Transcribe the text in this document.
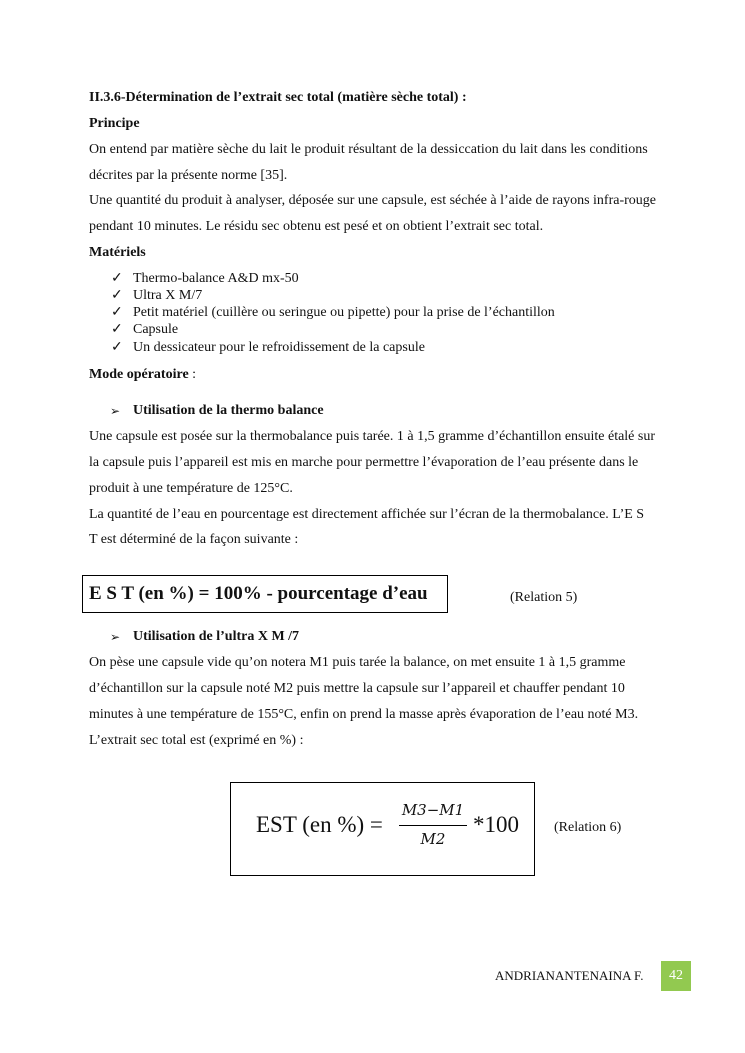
II.3.6-Détermination de l’extrait sec total (matière sèche total) :
Principe
On entend par matière sèche du lait le produit résultant de la dessiccation du lait dans les conditions
décrites par la présente norme [35].
Une quantité du produit à analyser, déposée sur une capsule, est séchée à l’aide de rayons infra-rouge
pendant 10 minutes. Le résidu sec obtenu est pesé et on obtient l’extrait sec total.
Matériels
✓ Thermo-balance A&D mx-50
✓ Ultra X M/7
✓ Petit matériel (cuillère ou seringue ou pipette) pour la prise de l’échantillon
✓ Capsule
✓ Un dessicateur pour le refroidissement de la capsule
Mode opératoire :
➢ Utilisation de la thermo balance
Une capsule est posée sur la thermobalance puis tarée. 1 à 1,5 gramme d’échantillon ensuite étalé sur
la capsule puis l’appareil est mis en marche pour permettre l’évaporation de l’eau présente dans le
produit à une température de 125°C.
La quantité de l’eau en pourcentage est directement affichée sur l’écran de la thermobalance. L’E S
T est déterminé de la façon suivante :
E S T (en %) = 100% - pourcentage d’eau	(Relation 5)
➢ Utilisation de l’ultra X M /7
On pèse une capsule vide qu’on notera M1 puis tarée la balance, on met ensuite 1 à 1,5 gramme
d’échantillon sur la capsule noté M2 puis mettre la capsule sur l’appareil et chauffer pendant 10
minutes à une température de 155°C, enfin on prend la masse après évaporation de l’eau noté M3.
L’extrait sec total est (exprimé en %) :
EST (en %) =
M3−M1
M2
*100	(Relation 6)
ANDRIANANTENAINA F.	42
